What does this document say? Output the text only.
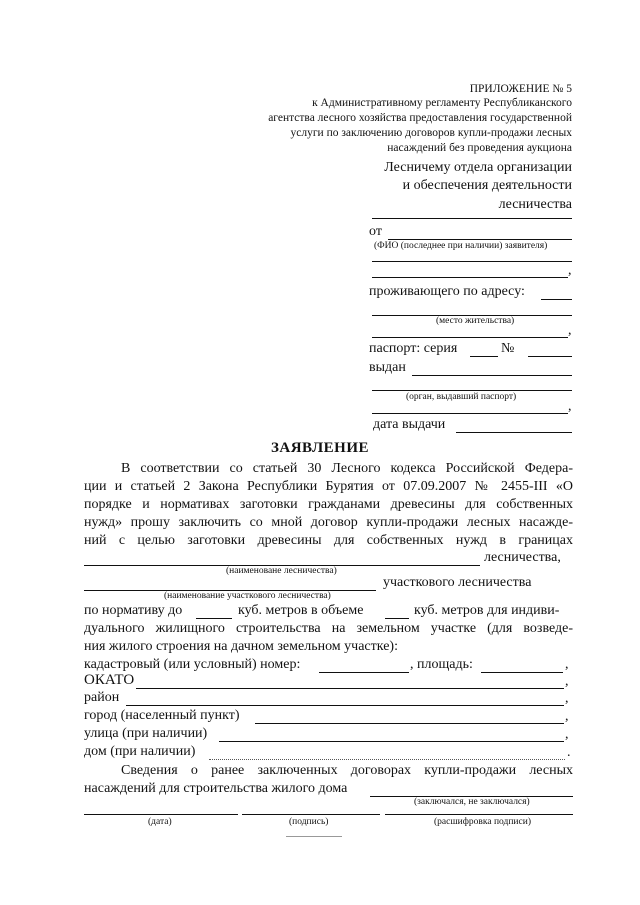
ПРИЛОЖЕНИЕ № 5
к Административному регламенту Республиканского
агентства лесного хозяйства предоставления государственной
услуги по заключению договоров купли-продажи лесных
насаждений без проведения аукциона
Лесничему отдела организации
и обеспечения деятельности
лесничества
от
(ФИО (последнее при наличии) заявителя)
,
проживающего по адресу:
(место жительства)
,
паспорт: серия	№
выдан
(орган, выдавший паспорт)
,
дата выдачи
ЗАЯВЛЕНИЕ
В соответствии со статьей 30 Лесного кодекса Российской Федера-
ции и статьей 2 Закона Республики Бурятия от 07.09.2007 № 2455-III «О
порядке и нормативах заготовки гражданами древесины для собственных
нужд» прошу заключить со мной договор купли-продажи лесных насажде-
ний с целью заготовки древесины для собственных нужд в границах
лесничества,
(наименоване лесничества)
участкового лесничества
(наименование участкового лесничества)
по нормативу до	куб. метров в объеме	куб. метров для индиви-
дуального жилищного строительства на земельном участке (для возведе-
ния жилого строения на дачном земельном участке):
кадастровый (или условный) номер:	, площадь:	,
ОКАТО	,
район	,
город (населенный пункт)	,
улица (при наличии)	,
дом (при наличии)	.
Сведения о ранее заключенных договорах купли-продажи лесных
насаждений для строительства жилого дома
(заключался, не заключался)
(дата)	(подпись)	(расшифровка подписи)
